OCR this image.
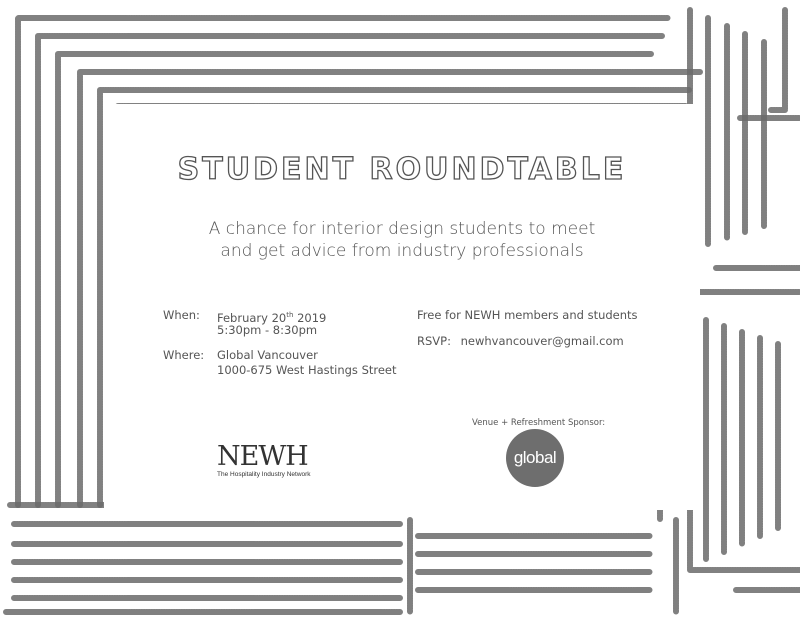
STUDENT ROUNDTABLE
A chance for interior design students to meet
and get advice from industry professionals
When: February 20th 2019
5:30pm - 8:30pm
Where: Global Vancouver
1000-675 West Hastings Street
Free for NEWH members and students
RSVP: newhvancouver@gmail.com
NEWH
The Hospitality Industry Network
Venue + Refreshment Sponsor:
global
